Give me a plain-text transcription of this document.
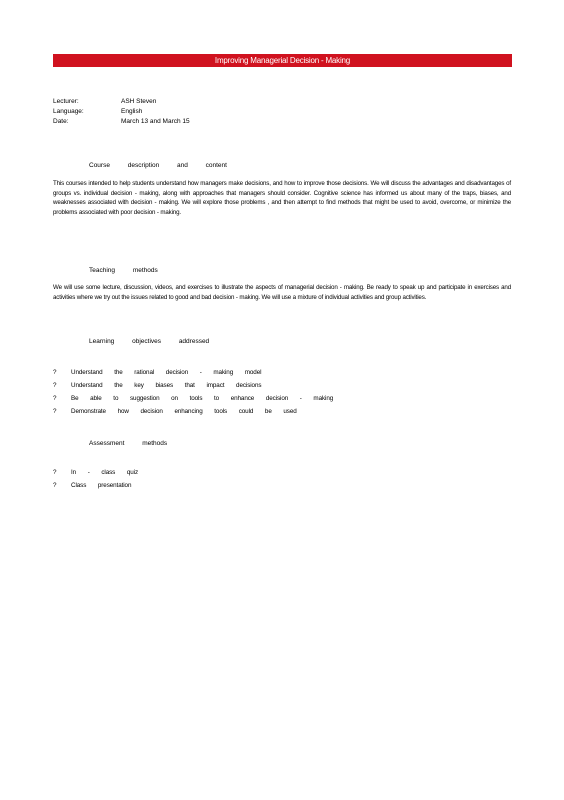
Improving Managerial Decision - Making
Lecturer:	ASH Steven
Language:	English
Date:	March 13 and March 15
Course description and content
This courses intended to help students understand how managers make decisions, and how to improve those decisions. We will discuss the advantages and disadvantages of groups vs. individual decision - making, along with approaches that managers should consider. Cognitive science has informed us about many of the traps, biases, and weaknesses associated with decision - making. We will explore those problems , and then attempt to find methods that might be used to avoid, overcome, or minimize the problems associated with poor decision - making.
Teaching methods
We will use some lecture, discussion, videos, and exercises to illustrate the aspects of managerial decision - making. Be ready to speak up and participate in exercises and activities where we try out the issues related to good and bad decision - making. We will use a mixture of individual activities and group activities.
Learning objectives addressed
?	Understand the rational decision - making model
?	Understand the key biases that impact decisions
?	Be able to suggestion on tools to enhance decision - making
?	Demonstrate how decision enhancing tools could be used
Assessment methods
?	In - class quiz
?	Class presentation
